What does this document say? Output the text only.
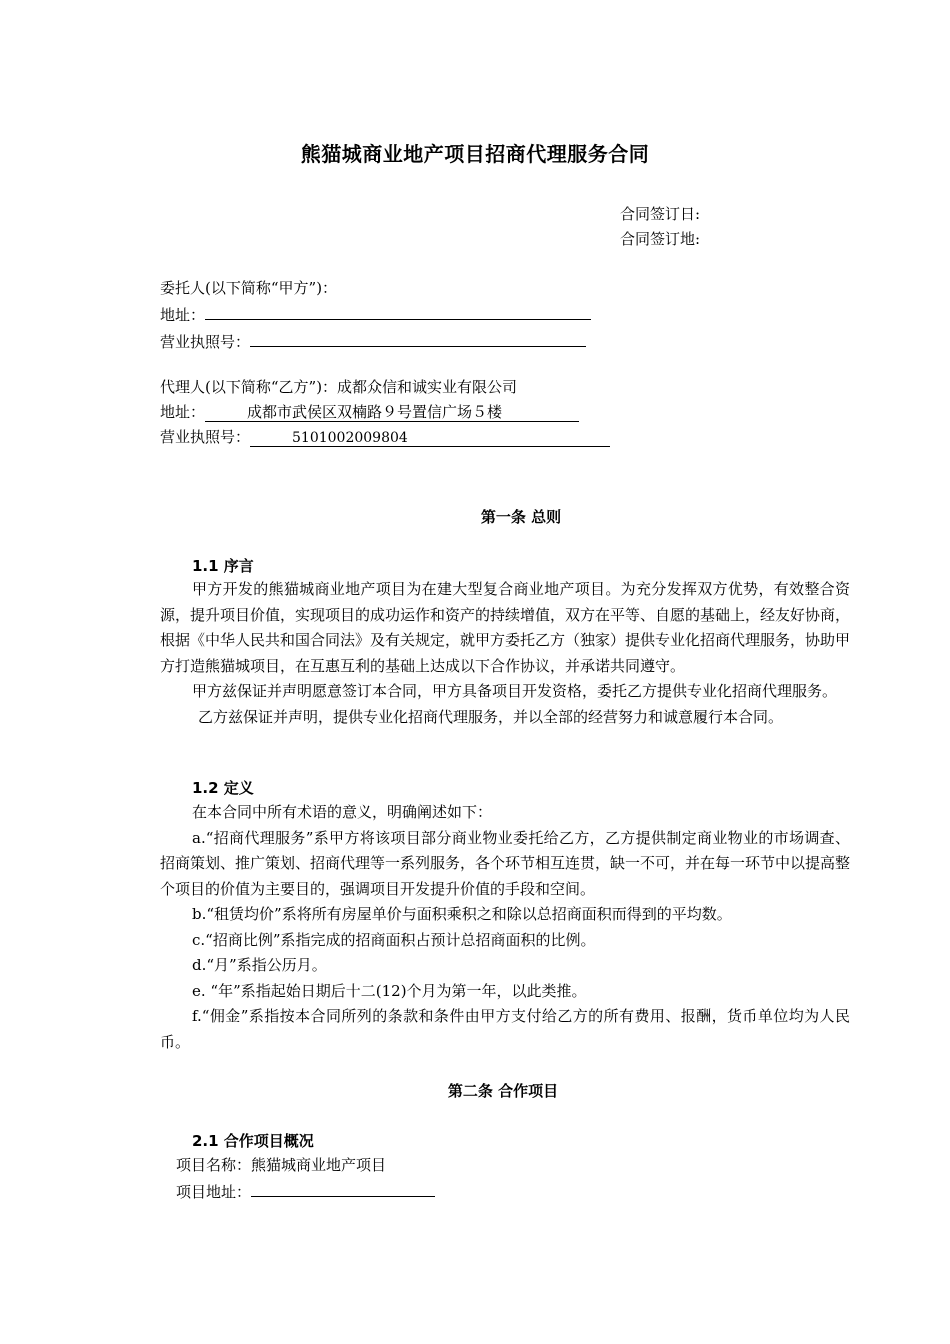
熊猫城商业地产项目招商代理服务合同
合同签订日:
合同签订地:
委托人(以下简称“甲方”)：
地址：
营业执照号：
代理人(以下简称“乙方”)：成都众信和诚实业有限公司
地址：	成都市武侯区双楠路９号置信广场５楼
营业执照号：	5101002009804
第一条 总则
1.1 序言

甲方开发的熊猫城商业地产项目为在建大型复合商业地产项目。为充分发挥双方优势，有效整合资源，提升项目价值，实现项目的成功运作和资产的持续增值，双方在平等、自愿的基础上，经友好协商，根据《中华人民共和国合同法》及有关规定，就甲方委托乙方（独家）提供专业化招商代理服务，协助甲方打造熊猫城项目，在互惠互利的基础上达成以下合作协议，并承诺共同遵守。

甲方兹保证并声明愿意签订本合同，甲方具备项目开发资格，委托乙方提供专业化招商代理服务。

乙方兹保证并声明，提供专业化招商代理服务，并以全部的经营努力和诚意履行本合同。

1.2 定义

在本合同中所有术语的意义，明确阐述如下：

a.“招商代理服务”系甲方将该项目部分商业物业委托给乙方，乙方提供制定商业物业的市场调查、招商策划、推广策划、招商代理等一系列服务，各个环节相互连贯，缺一不可，并在每一环节中以提高整个项目的价值为主要目的，强调项目开发提升价值的手段和空间。

b.“租赁均价”系将所有房屋单价与面积乘积之和除以总招商面积而得到的平均数。

c.“招商比例”系指完成的招商面积占预计总招商面积的比例。

d.“月”系指公历月。

e. “年”系指起始日期后十二(12)个月为第一年，以此类推。

f.“佣金”系指按本合同所列的条款和条件由甲方支付给乙方的所有费用、报酬，货币单位均为人民币。

第二条 合作项目
2.1 合作项目概况
项目名称：熊猫城商业地产项目
项目地址：
